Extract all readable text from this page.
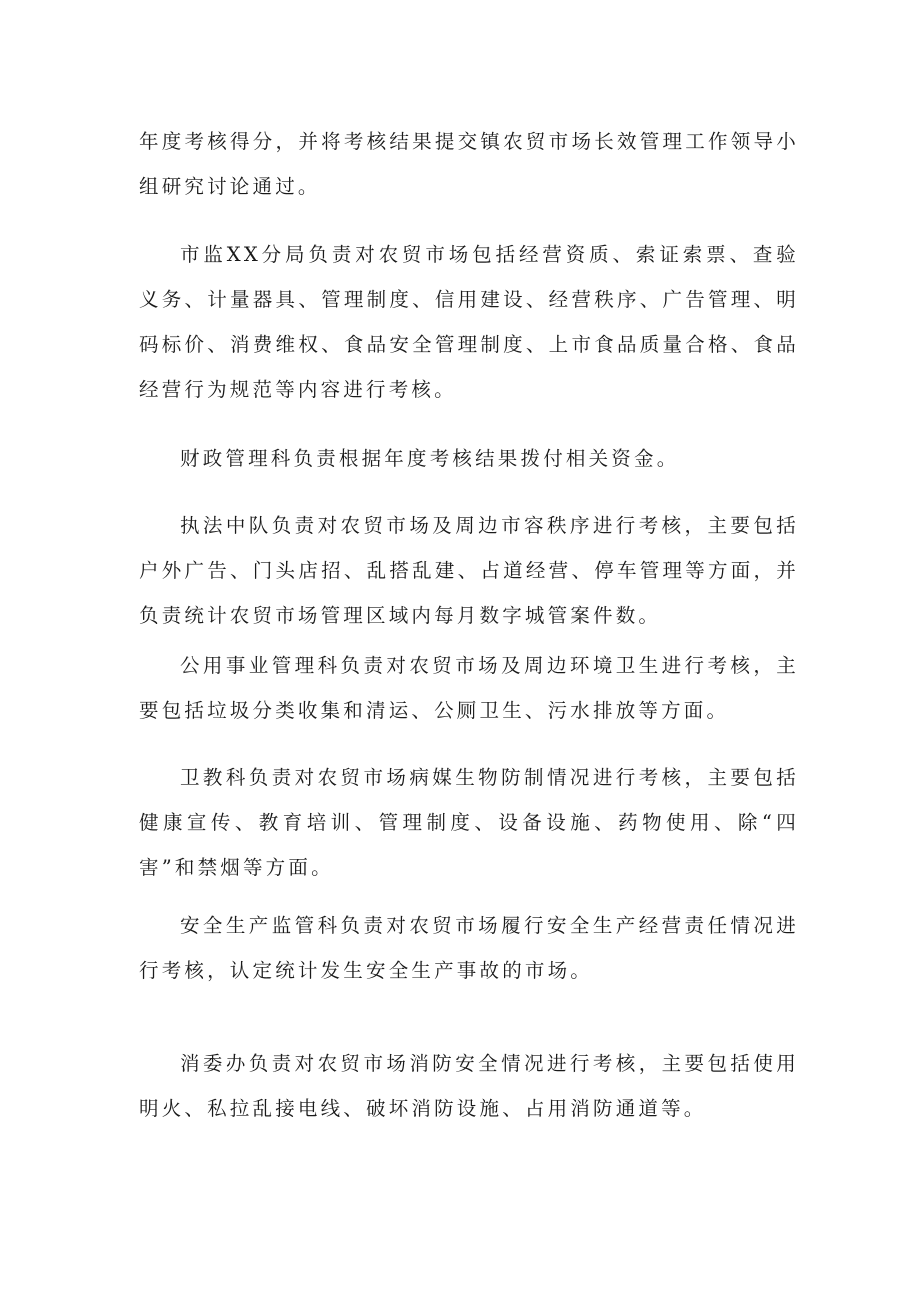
年度考核得分，并将考核结果提交镇农贸市场长效管理工作领导小组研究讨论通过。

市监XX分局负责对农贸市场包括经营资质、索证索票、查验义务、计量器具、管理制度、信用建设、经营秩序、广告管理、明码标价、消费维权、食品安全管理制度、上市食品质量合格、食品经营行为规范等内容进行考核。

财政管理科负责根据年度考核结果拨付相关资金。

执法中队负责对农贸市场及周边市容秩序进行考核，主要包括户外广告、门头店招、乱搭乱建、占道经营、停车管理等方面，并负责统计农贸市场管理区域内每月数字城管案件数。

公用事业管理科负责对农贸市场及周边环境卫生进行考核，主要包括垃圾分类收集和清运、公厕卫生、污水排放等方面。

卫教科负责对农贸市场病媒生物防制情况进行考核，主要包括健康宣传、教育培训、管理制度、设备设施、药物使用、除“四害”和禁烟等方面。

安全生产监管科负责对农贸市场履行安全生产经营责任情况进行考核，认定统计发生安全生产事故的市场。

消委办负责对农贸市场消防安全情况进行考核，主要包括使用明火、私拉乱接电线、破坏消防设施、占用消防通道等。
